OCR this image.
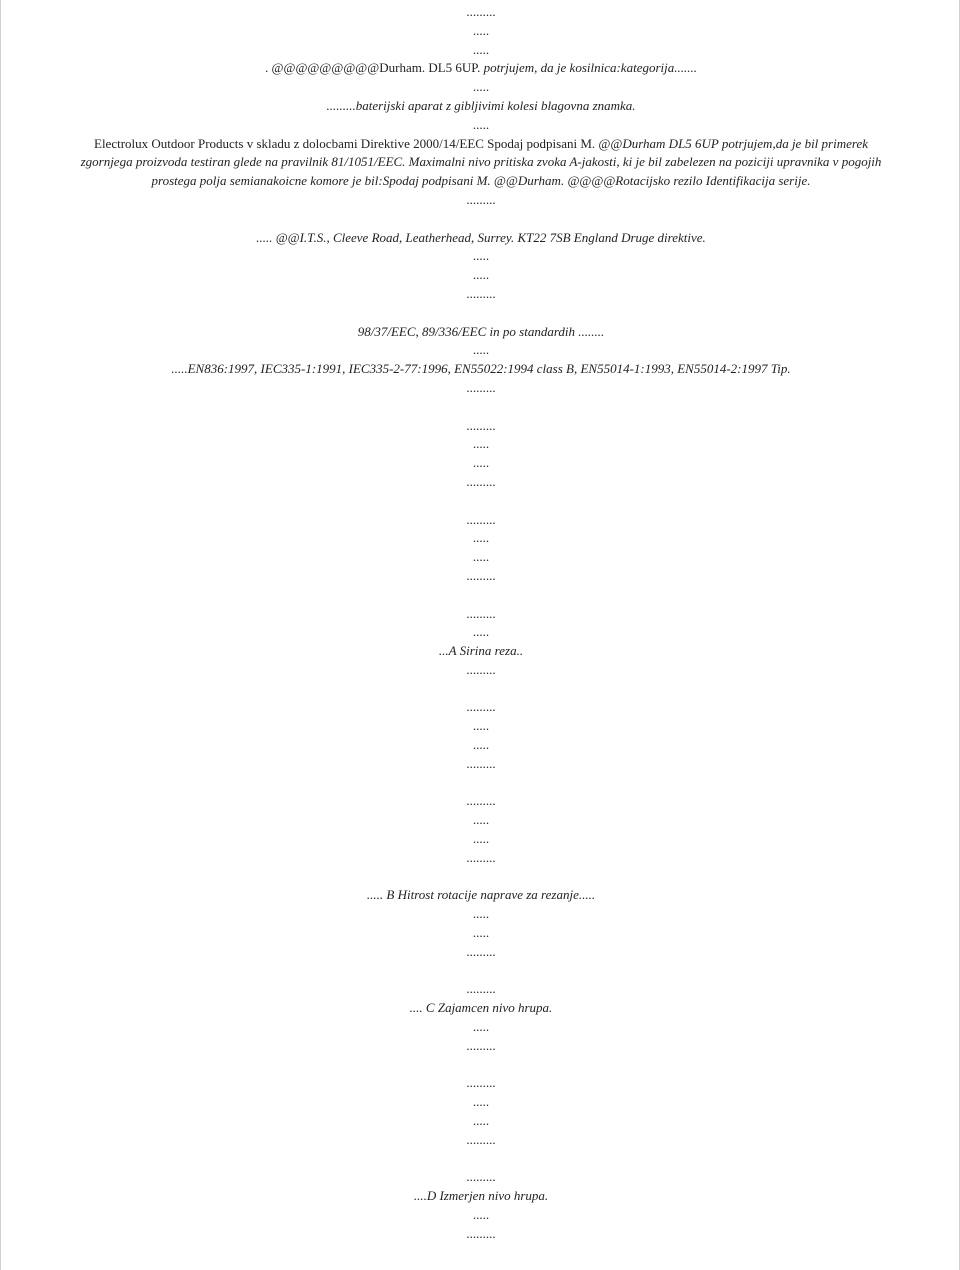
.........
.....
.....
. @@@@@@@@@Durham. DL5 6UP. potrjujem, da je kosilnica:kategorija.......
.....
.........baterijski aparat z gibljivimi kolesi blagovna znamka.
.....
Electrolux Outdoor Products v skladu z dolocbami Direktive 2000/14/EEC Spodaj podpisani M. @@Durham DL5 6UP potrjujem,da je bil primerek
zgornjega proizvoda testiran glede na pravilnik 81/1051/EEC. Maximalni nivo pritiska zvoka A-jakosti, ki je bil zabelezen na poziciji upravnika v pogojih
prostega polja semianakoicne komore je bil:Spodaj podpisani M. @@Durham. @@@@Rotacijsko rezilo Identifikacija serije.
.........
..... @@I.T.S., Cleeve Road, Leatherhead, Surrey. KT22 7SB England Druge direktive.
.....
.....
.........
98/37/EEC, 89/336/EEC in po standardih ........
.....
.....EN836:1997, IEC335-1:1991, IEC335-2-77:1996, EN55022:1994 class B, EN55014-1:1993, EN55014-2:1997 Tip.
.........
.........
.....
.....
.........
.........
.....
.....
.........
.........
.....
...A Sirina reza..
.........
.........
.....
.....
.........
.........
.....
.....
.........
..... B Hitrost rotacije naprave za rezanje.....
.....
.....
.........
.........
.... C Zajamcen nivo hrupa.
.....
.........
.........
.....
.....
.........
.........
....D Izmerjen nivo hrupa.
.....
.........
